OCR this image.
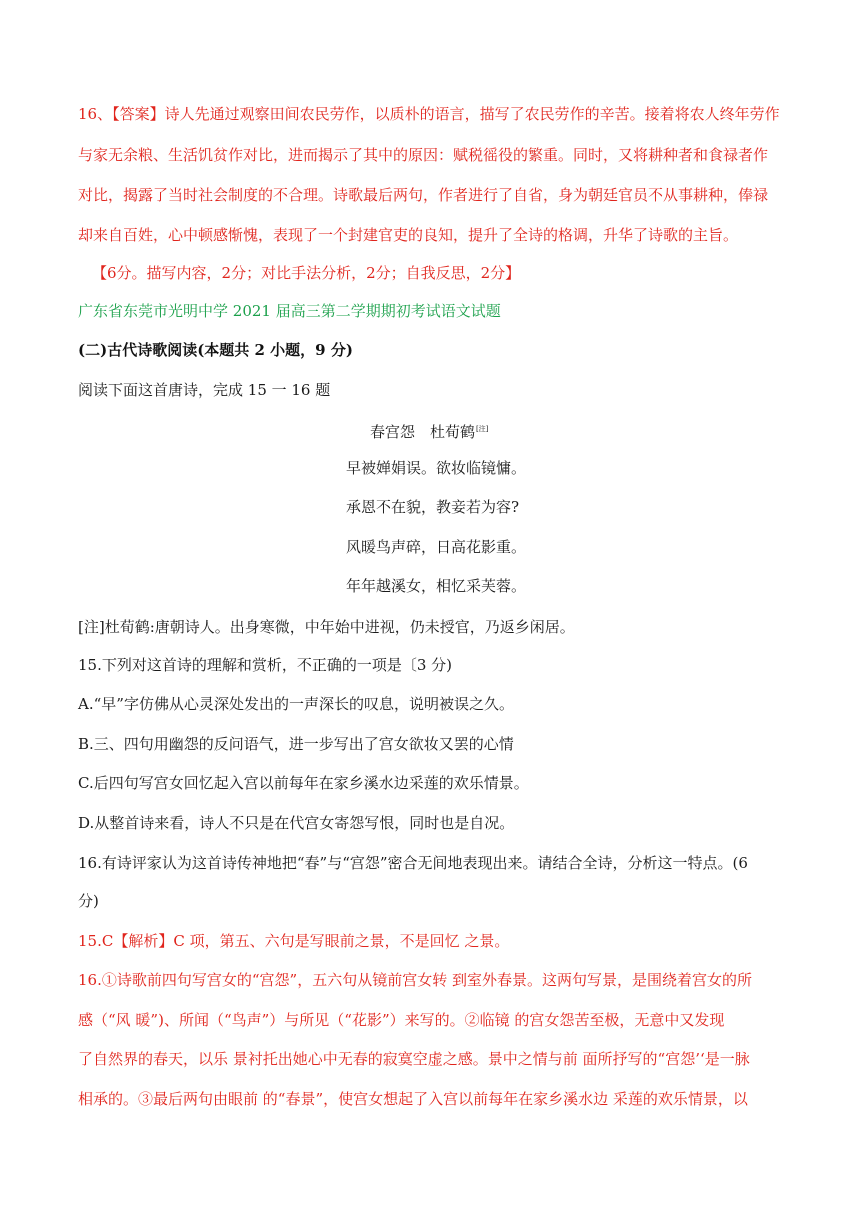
16、【答案】诗人先通过观察田间农民劳作，以质朴的语言，描写了农民劳作的辛苦。接着将农人终年劳作
与家无余粮、生活饥贫作对比，进而揭示了其中的原因：赋税徭役的繁重。同时，又将耕种者和食禄者作
对比，揭露了当时社会制度的不合理。诗歌最后两句，作者进行了自省，身为朝廷官员不从事耕种，俸禄
却来自百姓，心中顿感惭愧，表现了一个封建官吏的良知，提升了全诗的格调，升华了诗歌的主旨。
【6分。描写内容，2分；对比手法分析，2分；自我反思，2分】
广东省东莞市光明中学 2021 届高三第二学期期初考试语文试题
(二)古代诗歌阅读(本题共 2 小题，9 分)
阅读下面这首唐诗，完成 15 一 16 题
春宫怨　杜荀鹤[注]
早被婵娟误。欲妆临镜慵。
承恩不在貌，教妾若为容?
风暖鸟声碎，日高花影重。
年年越溪女，相忆采芙蓉。
[注]杜荀鹤:唐朝诗人。出身寒微，中年始中进视，仍未授官，乃返乡闲居。
15.下列对这首诗的理解和赏析，不正确的一项是〔3 分)
A.“早”字仿佛从心灵深处发出的一声深长的叹息，说明被误之久。
B.三、四句用幽怨的反问语气，进一步写出了宫女欲妆又罢的心情
C.后四句写宫女回忆起入宫以前每年在家乡溪水边采莲的欢乐情景。
D.从整首诗来看，诗人不只是在代宫女寄怨写恨，同时也是自况。
16.有诗评家认为这首诗传神地把“春”与“宫怨”密合无间地表现出来。请结合全诗，分析这一特点。(6
分)
15.C【解析】C 项，第五、六句是写眼前之景，不是回忆 之景。
16.①诗歌前四句写宫女的“宫怨”，五六句从镜前宫女转 到室外春景。这两句写景，是围绕着宫女的所
感（“风 暖”)、所闻（“鸟声”）与所见（“花影”）来写的。②临镜 的宫女怨苦至极，无意中又发现
了自然界的春天，以乐 景衬托出她心中无春的寂寞空虚之感。景中之情与前 面所抒写的“宫怨’‘是一脉
相承的。③最后两句由眼前 的“春景”，使宫女想起了入宫以前每年在家乡溪水边 采莲的欢乐情景，以
